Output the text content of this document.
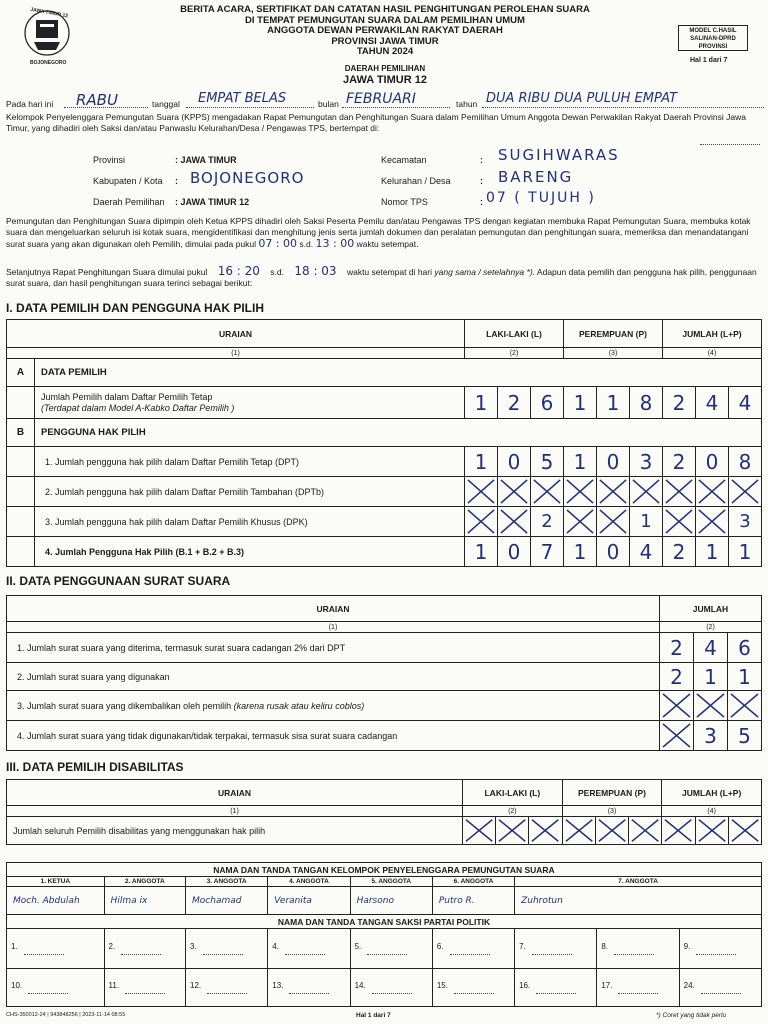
JAWA TIMUR 12
BOJONEGORO
BERITA ACARA, SERTIFIKAT DAN CATATAN HASIL PENGHITUNGAN PEROLEHAN SUARA
DI TEMPAT PEMUNGUTAN SUARA DALAM PEMILIHAN UMUM
ANGGOTA DEWAN PERWAKILAN RAKYAT DAERAH
PROVINSI JAWA TIMUR
TAHUN 2024
MODEL C.HASIL
SALINAN-DPRD
PROVINSI
Hal 1 dari 7
DAERAH PEMILIHAN
JAWA TIMUR 12
Pada hari ini RABU	tanggal EMPAT BELAS	bulan FEBRUARI	tahun DUA RIBU DUA PULUH EMPAT
Kelompok Penyelenggara Pemungutan Suara (KPPS) mengadakan Rapat Pemungutan dan Penghitungan Suara dalam Pemilihan Umum Anggota Dewan Perwakilan Rakyat Daerah Provinsi Jawa Timur, yang dihadiri oleh Saksi dan/atau Panwaslu Kelurahan/Desa / Pengawas TPS, bertempat di:
Provinsi	: JAWA TIMUR
Kabupaten / Kota : BOJONEGORO
Daerah Pemilihan : JAWA TIMUR 12
Kecamatan	: SUGIHWARAS
Kelurahan / Desa	: BARENG
Nomor TPS	: 07 ( TUJUH )
Pemungutan dan Penghitungan Suara dipimpin oleh Ketua KPPS dihadiri oleh Saksi Peserta Pemilu dan/atau Pengawas TPS dengan kegiatan membuka Rapat Pemungutan Suara, membuka kotak suara dan mengeluarkan seluruh isi kotak suara, mengidentifikasi dan menghitung jenis serta jumlah dokumen dan peralatan pemungutan dan penghitungan suara, memeriksa dan menandatangani surat suara yang akan digunakan oleh Pemilih, dimulai pada pukul 07 : 00 s.d. 13 : 00 waktu setempat.
Selanjutnya Rapat Penghitungan Suara dimulai pukul 16 : 20 s.d. 18 : 03 waktu setempat di hari yang sama / setelahnya *). Adapun data pemilih dan pengguna hak pilih, penggunaan surat suara, dan hasil penghitungan suara terinci sebagai berikut:
I. DATA PEMILIH DAN PENGGUNA HAK PILIH
URAIAN		LAKI-LAKI (L)			PEREMPUAN (P)			JUMLAH (L+P)		
(1)		(2)			(3)			(4)		
A	DATA PEMILIH									

	Jumlah Pemilih dalam Daftar Pemilih Tetap
(Terdapat dalam Model A-Kabko Daftar Pemilih )	1	2	6	1	1	8	2	4	4
B	PENGGUNA HAK PILIH									
	1. Jumlah pengguna hak pilih dalam Daftar Pemilih Tetap (DPT)	1	0	5	1	0	3	2	0	8
	2. Jumlah pengguna hak pilih dalam Daftar Pemilih Tambahan (DPTb)	

	3. Jumlah pengguna hak pilih dalam Daftar Pemilih Khusus (DPK)			2			1			3
	4. Jumlah Pengguna Hak Pilih (B.1 + B.2 + B.3)	1	0	7	1	0	4	2	1	1
II. DATA PENGGUNAAN SURAT SUARA
URAIAN	JUMLAH		
(1)	(2)		
1. Jumlah surat suara yang diterima, termasuk surat suara cadangan 2% dari DPT	2	4	6
2. Jumlah surat suara yang digunakan	2	1	1
3. Jumlah surat suara yang dikembalikan oleh pemilih (karena rusak atau keliru coblos)	

4. Jumlah surat suara yang tidak digunakan/tidak terpakai, termasuk sisa surat suara cadangan		3	5
III. DATA PEMILIH DISABILITAS
URAIAN	LAKI-LAKI (L)			PEREMPUAN (P)			JUMLAH (L+P)		
(1)	(2)			(3)			(4)		
Jumlah seluruh Pemilih disabilitas yang menggunakan hak pilih	

NAMA DAN TANDA TANGAN KELOMPOK PENYELENGGARA PEMUNGUTAN SUARA								
1. KETUA	2. ANGGOTA	3. ANGGOTA	4. ANGGOTA	5. ANGGOTA	6. ANGGOTA	7. ANGGOTA		
Moch. Abdulah	Hilma ix	Mochamad	Veranita	Harsono	Putro R.	Zuhrotun		
NAMA DAN TANDA TANGAN SAKSI PARTAI POLITIK								
1.	2.	3.	4.	5.	6.	7.	8.	9.
10.	11.	12.	13.	14.	15.	16.	17.	24.
CHS-350012-24 | 943848256 | 2023-11-14 08:55	Hal 1 dari 7	*) Coret yang tidak perlu
